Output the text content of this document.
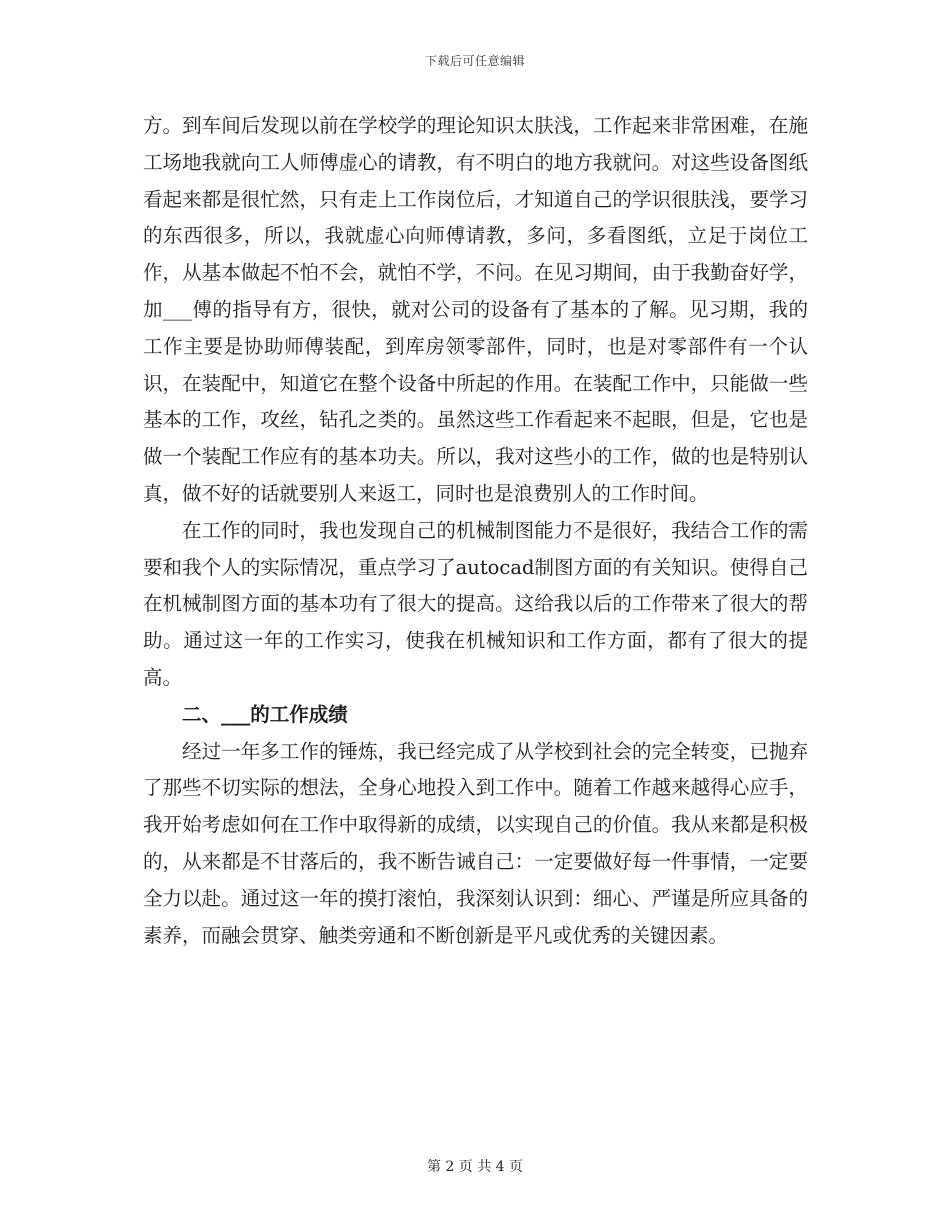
下载后可任意编辑

方。到车间后发现以前在学校学的理论知识太肤浅，工作起来非常困难，在施工场地我就向工人师傅虚心的请教，有不明白的地方我就问。对这些设备图纸看起来都是很忙然，只有走上工作岗位后，才知道自己的学识很肤浅，要学习的东西很多，所以，我就虚心向师傅请教，多问，多看图纸，立足于岗位工作，从基本做起不怕不会，就怕不学，不问。在见习期间，由于我勤奋好学，加___傅的指导有方，很快，就对公司的设备有了基本的了解。见习期，我的工作主要是协助师傅装配，到库房领零部件，同时，也是对零部件有一个认识，在装配中，知道它在整个设备中所起的作用。在装配工作中，只能做一些基本的工作，攻丝，钻孔之类的。虽然这些工作看起来不起眼，但是，它也是做一个装配工作应有的基本功夫。所以，我对这些小的工作，做的也是特别认真，做不好的话就要别人来返工，同时也是浪费别人的工作时间。

在工作的同时，我也发现自己的机械制图能力不是很好，我结合工作的需要和我个人的实际情况，重点学习了autocad制图方面的有关知识。使得自己在机械制图方面的基本功有了很大的提高。这给我以后的工作带来了很大的帮助。通过这一年的工作实习，使我在机械知识和工作方面，都有了很大的提高。

二、___的工作成绩

经过一年多工作的锤炼，我已经完成了从学校到社会的完全转变，已抛弃了那些不切实际的想法，全身心地投入到工作中。随着工作越来越得心应手，我开始考虑如何在工作中取得新的成绩，以实现自己的价值。我从来都是积极的，从来都是不甘落后的，我不断告诫自己：一定要做好每一件事情，一定要全力以赴。通过这一年的摸打滚怕，我深刻认识到：细心、严谨是所应具备的素养，而融会贯穿、触类旁通和不断创新是平凡或优秀的关键因素。

第 2 页 共 4 页
